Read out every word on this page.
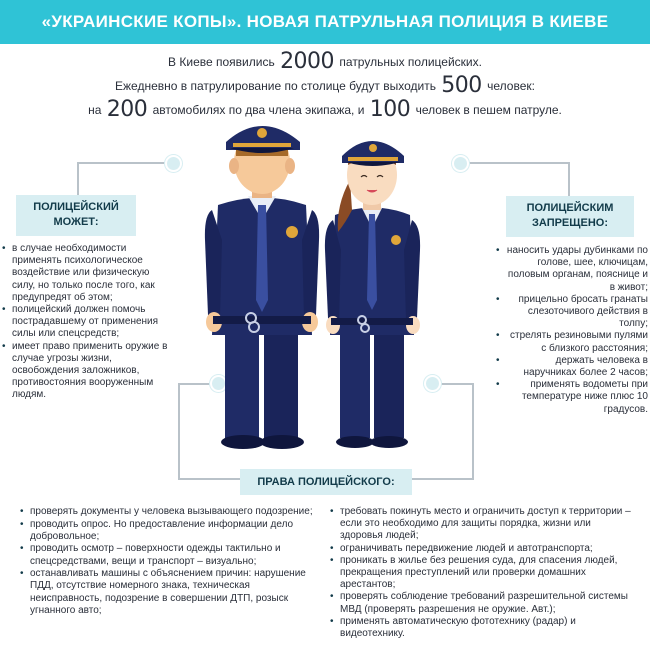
«УКРАИНСКИЕ КОПЫ». НОВАЯ ПАТРУЛЬНАЯ ПОЛИЦИЯ В КИЕВЕ
В Киеве появились 2000 патрульных полицейских.
Ежедневно в патрулирование по столице будут выходить 500 человек:
на 200 автомобилях по два члена экипажа, и 100 человек в пешем патруле.
ПОЛИЦЕЙСКИЙ
МОЖЕТ:
• в случае необходимости применять психологическое воздействие или физическую силу, но только после того, как предупредят об этом;
• полицейский должен помочь пострадавшему от применения силы или спецсредств;
• имеет право применить оружие в случае угрозы жизни, освобождения заложников, противостояния вооруженным людям.
ПОЛИЦЕЙСКИМ
ЗАПРЕЩЕНО:
• наносить удары дубинками по голове, шее, ключицам, половым органам, пояснице и в живот;
• прицельно бросать гранаты слезоточивого действия в толпу;
• стрелять резиновыми пулями с близкого расстояния;
• держать человека в наручниках более 2 часов;
• применять водометы при температуре ниже плюс 10 градусов.
ПРАВА ПОЛИЦЕЙСКОГО:
• проверять документы у человека вызывающего подозрение;
• проводить опрос. Но предоставление информации дело добровольное;
• проводить осмотр – поверхности одежды тактильно и спецсредствами, вещи и транспорт – визуально;
• останавливать машины с объяснением причин: нарушение ПДД, отсутствие номерного знака, техническая неисправность, подозрение в совершении ДТП, розыск угнанного авто;
• требовать покинуть место и ограничить доступ к территории – если это необходимо для защиты порядка, жизни или здоровья людей;
• ограничивать передвижение людей и автотранспорта;
• проникать в жилье без решения суда, для спасения людей, прекращения преступлений или проверки домашних арестантов;
• проверять соблюдение требований разрешительной системы МВД (проверять разрешения не оружие. Авт.);
• применять автоматическую фототехнику (радар) и видеотехнику.
